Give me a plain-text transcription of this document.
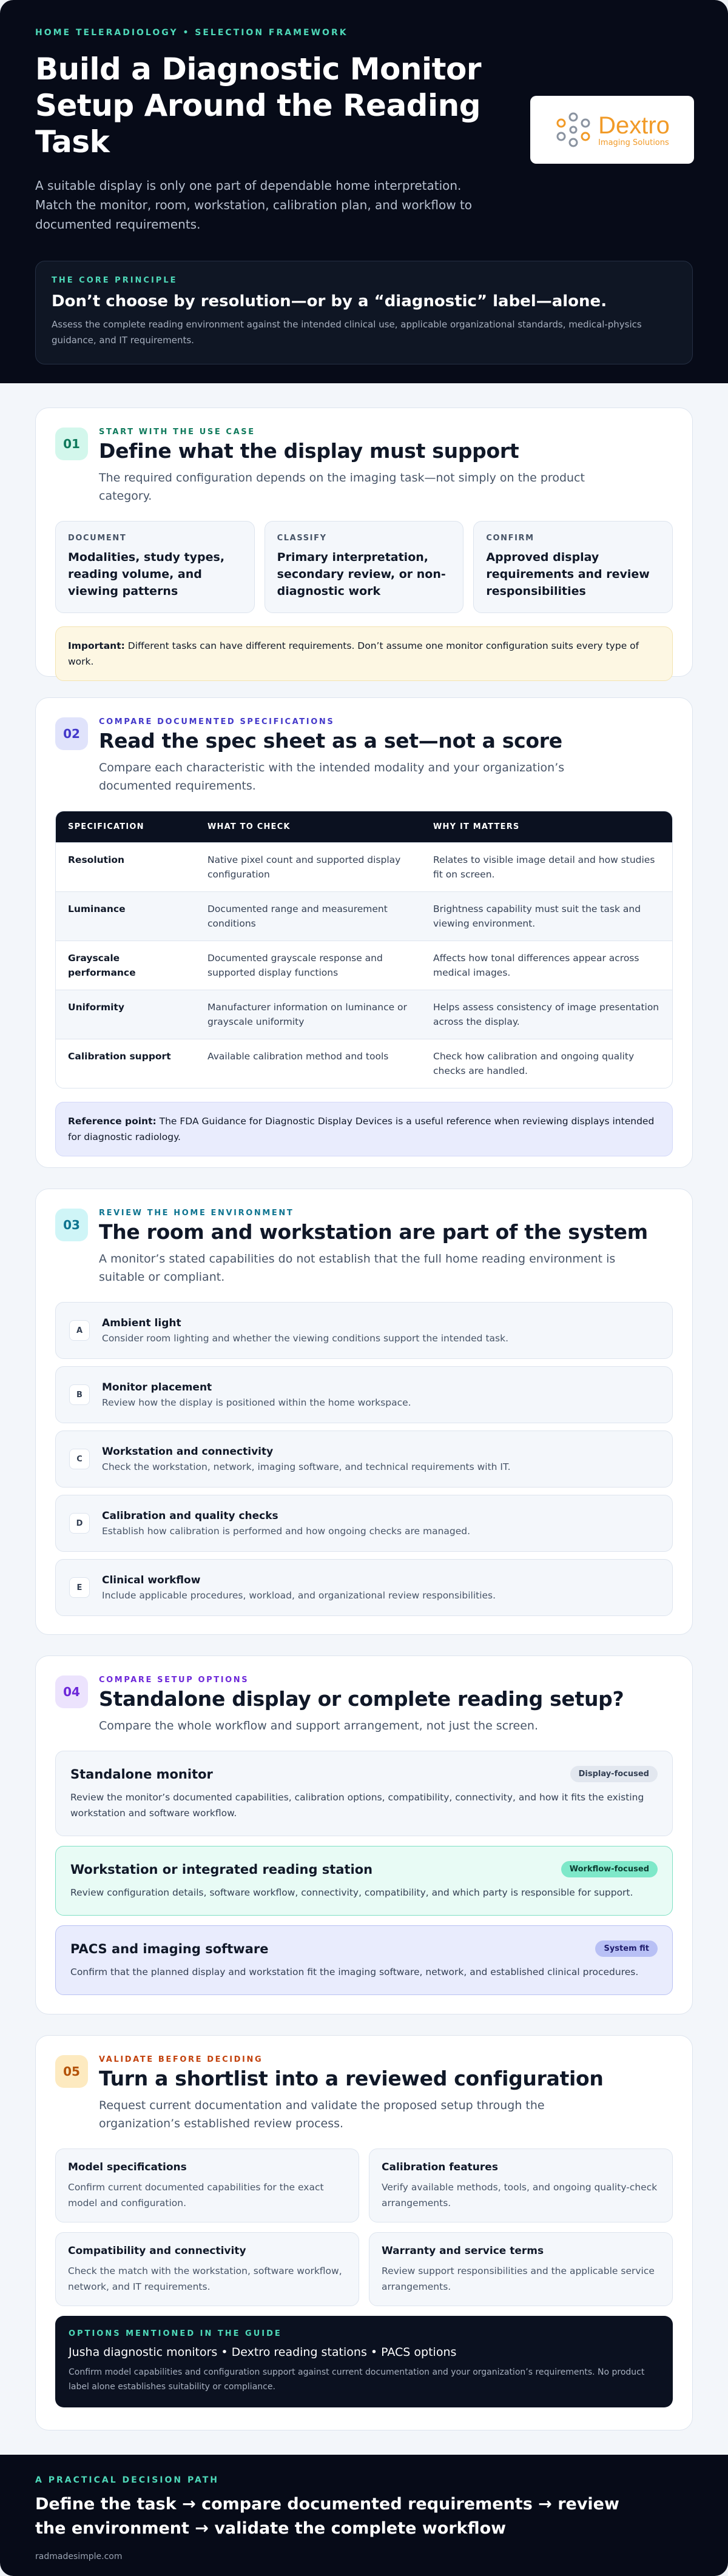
HOME TELERADIOLOGY • SELECTION FRAMEWORK
Build a Diagnostic Monitor Setup Around the Reading Task

A suitable display is only one part of dependable home interpretation. Match the monitor, room, workstation, calibration plan, and workflow to documented requirements.

Dextro
Imaging Solutions
THE CORE PRINCIPLE
Don’t choose by resolution—or by a “diagnostic” label—alone.

Assess the complete reading environment against the intended clinical use, applicable organizational standards, medical-physics guidance, and IT requirements.

01
START WITH THE USE CASE
Define what the display must support
The required configuration depends on the imaging task—not simply on the product category.
DOCUMENT
Modalities, study types, reading volume, and viewing patterns
CLASSIFY
Primary interpretation, secondary review, or non-diagnostic work
CONFIRM
Approved display requirements and review responsibilities
Important: Different tasks can have different requirements. Don’t assume one monitor configuration suits every type of work.
02
COMPARE DOCUMENTED SPECIFICATIONS
Read the spec sheet as a set—not a score
Compare each characteristic with the intended modality and your organization’s documented requirements.
SPECIFICATION	WHAT TO CHECK	WHY IT MATTERS
Resolution	Native pixel count and supported display configuration	Relates to visible image detail and how studies fit on screen.
Luminance	Documented range and measurement conditions	Brightness capability must suit the task and viewing environment.
Grayscale performance	Documented grayscale response and supported display functions	Affects how tonal differences appear across medical images.
Uniformity	Manufacturer information on luminance or grayscale uniformity	Helps assess consistency of image presentation across the display.
Calibration support	Available calibration method and tools	Check how calibration and ongoing quality checks are handled.
Reference point: The FDA Guidance for Diagnostic Display Devices is a useful reference when reviewing displays intended for diagnostic radiology.
03
REVIEW THE HOME ENVIRONMENT
The room and workstation are part of the system
A monitor’s stated capabilities do not establish that the full home reading environment is suitable or compliant.
A
Ambient light
Consider room lighting and whether the viewing conditions support the intended task.
B
Monitor placement
Review how the display is positioned within the home workspace.
C
Workstation and connectivity
Check the workstation, network, imaging software, and technical requirements with IT.
D
Calibration and quality checks
Establish how calibration is performed and how ongoing checks are managed.
E
Clinical workflow
Include applicable procedures, workload, and organizational review responsibilities.
04
COMPARE SETUP OPTIONS
Standalone display or complete reading setup?
Compare the whole workflow and support arrangement, not just the screen.
Standalone monitor	Display-focused
Review the monitor’s documented capabilities, calibration options, compatibility, connectivity, and how it fits the existing workstation and software workflow.
Workstation or integrated reading station	Workflow-focused
Review configuration details, software workflow, connectivity, compatibility, and which party is responsible for support.
PACS and imaging software	System fit
Confirm that the planned display and workstation fit the imaging software, network, and established clinical procedures.
05
VALIDATE BEFORE DECIDING
Turn a shortlist into a reviewed configuration
Request current documentation and validate the proposed setup through the organization’s established review process.
Model specifications
Confirm current documented capabilities for the exact model and configuration.
Calibration features
Verify available methods, tools, and ongoing quality-check arrangements.
Compatibility and connectivity
Check the match with the workstation, software workflow, network, and IT requirements.
Warranty and service terms
Review support responsibilities and the applicable service arrangements.
OPTIONS MENTIONED IN THE GUIDE
Jusha diagnostic monitors • Dextro reading stations • PACS options
Confirm model capabilities and configuration support against current documentation and your organization’s requirements. No product label alone establishes suitability or compliance.
A PRACTICAL DECISION PATH
Define the task → compare documented requirements → review the environment → validate the complete workflow
radmadesimple.com
